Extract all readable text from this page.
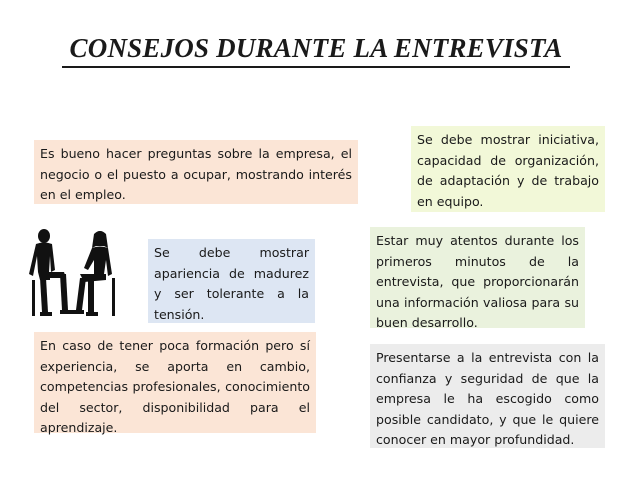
CONSEJOS DURANTE LA ENTREVISTA
Es bueno hacer preguntas sobre la empresa, el negocio o el puesto a ocupar, mostrando interés en el empleo.
Se debe mostrar iniciativa, capacidad de organización, de adaptación y de trabajo en equipo.
Se debe mostrar apariencia de madurez y ser tolerante a la tensión.
Estar muy atentos durante los primeros minutos de la entrevista, que proporcionarán una información valiosa para su buen desarrollo.
En caso de tener poca formación pero sí experiencia, se aporta en cambio, competencias profesionales, conocimiento del sector, disponibilidad para el aprendizaje.
Presentarse a la entrevista con la confianza y seguridad de que la empresa le ha escogido como posible candidato, y que le quiere conocer en mayor profundidad.
